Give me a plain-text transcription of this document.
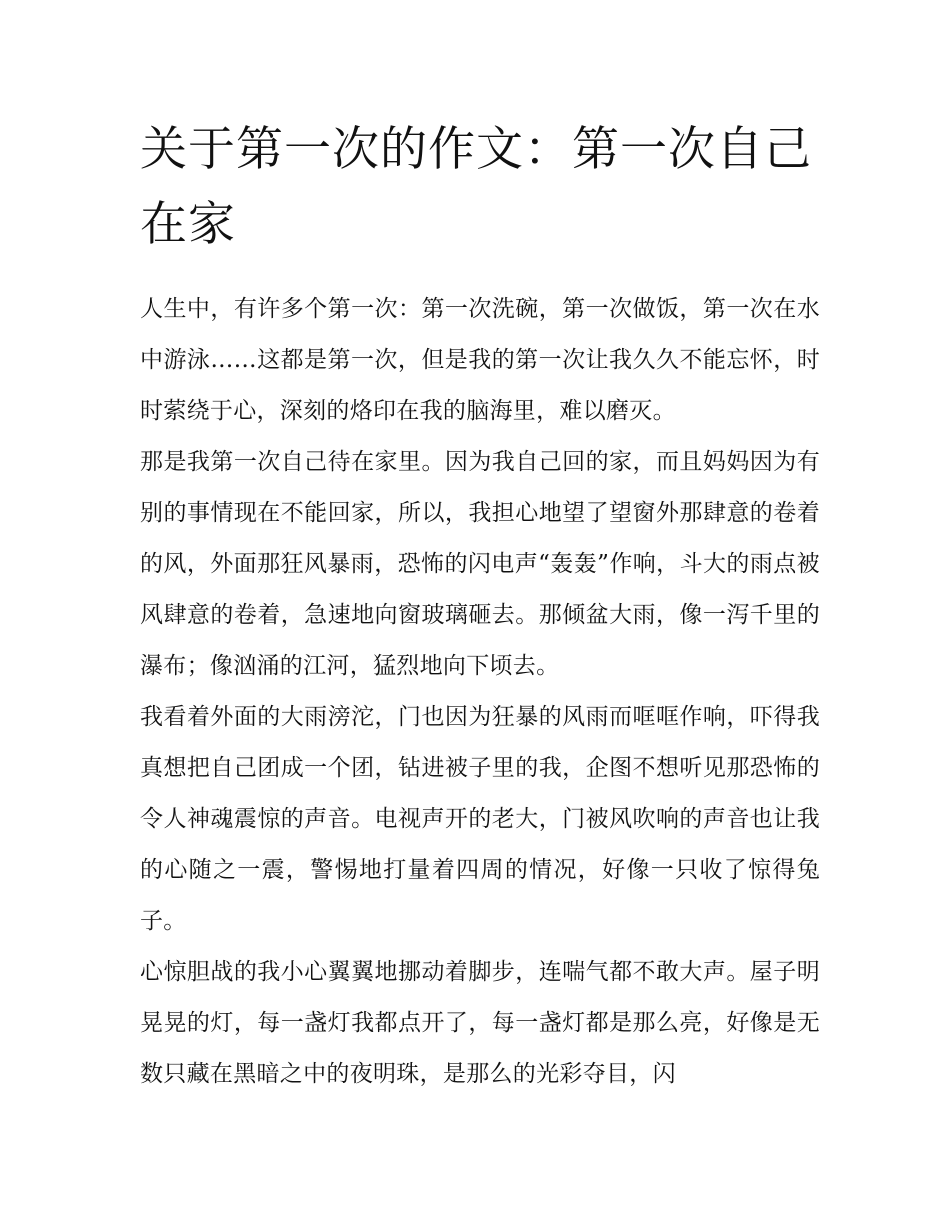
关于第一次的作文：第一次自己在家

人生中，有许多个第一次：第一次洗碗，第一次做饭，第一次在水中游泳……这都是第一次，但是我的第一次让我久久不能忘怀，时时萦绕于心，深刻的烙印在我的脑海里，难以磨灭。

那是我第一次自己待在家里。因为我自己回的家，而且妈妈因为有别的事情现在不能回家，所以，我担心地望了望窗外那肆意的卷着的风，外面那狂风暴雨，恐怖的闪电声“轰轰”作响，斗大的雨点被风肆意的卷着，急速地向窗玻璃砸去。那倾盆大雨，像一泻千里的瀑布；像汹涌的江河，猛烈地向下顷去。

我看着外面的大雨滂沱，门也因为狂暴的风雨而哐哐作响，吓得我真想把自己团成一个团，钻进被子里的我，企图不想听见那恐怖的令人神魂震惊的声音。电视声开的老大，门被风吹响的声音也让我的心随之一震，警惕地打量着四周的情况，好像一只收了惊得兔子。

心惊胆战的我小心翼翼地挪动着脚步，连喘气都不敢大声。屋子明晃晃的灯，每一盏灯我都点开了，每一盏灯都是那么亮，好像是无数只藏在黑暗之中的夜明珠，是那么的光彩夺目，闪
